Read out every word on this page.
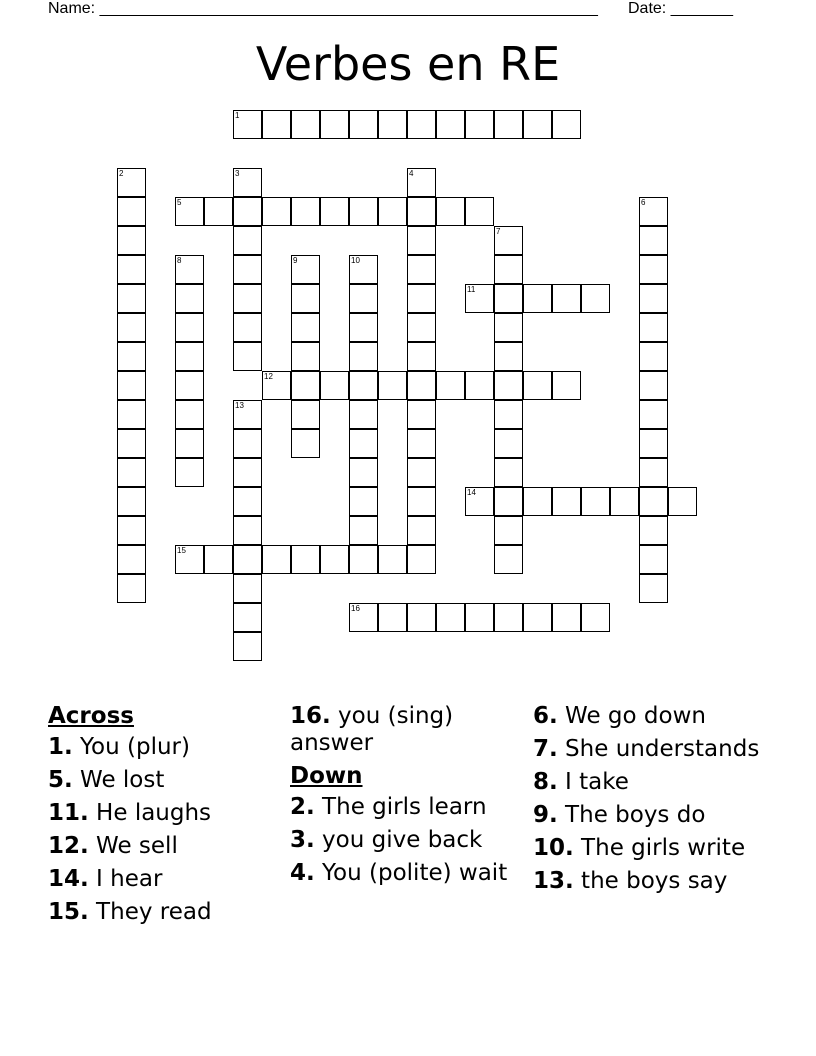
Name: ________________________________________________________ Date: _______
Verbes en RE
1
2	3	4
5	6
7
8	9	10
11
12
13
14
15
16
Across
1. You (plur)
5. We lost
11. He laughs
12. We sell
14. I hear
15. They read
16. you (sing) answer
Down
2. The girls learn
3. you give back
4. You (polite) wait
6. We go down
7. She understands
8. I take
9. The boys do
10. The girls write
13. the boys say
